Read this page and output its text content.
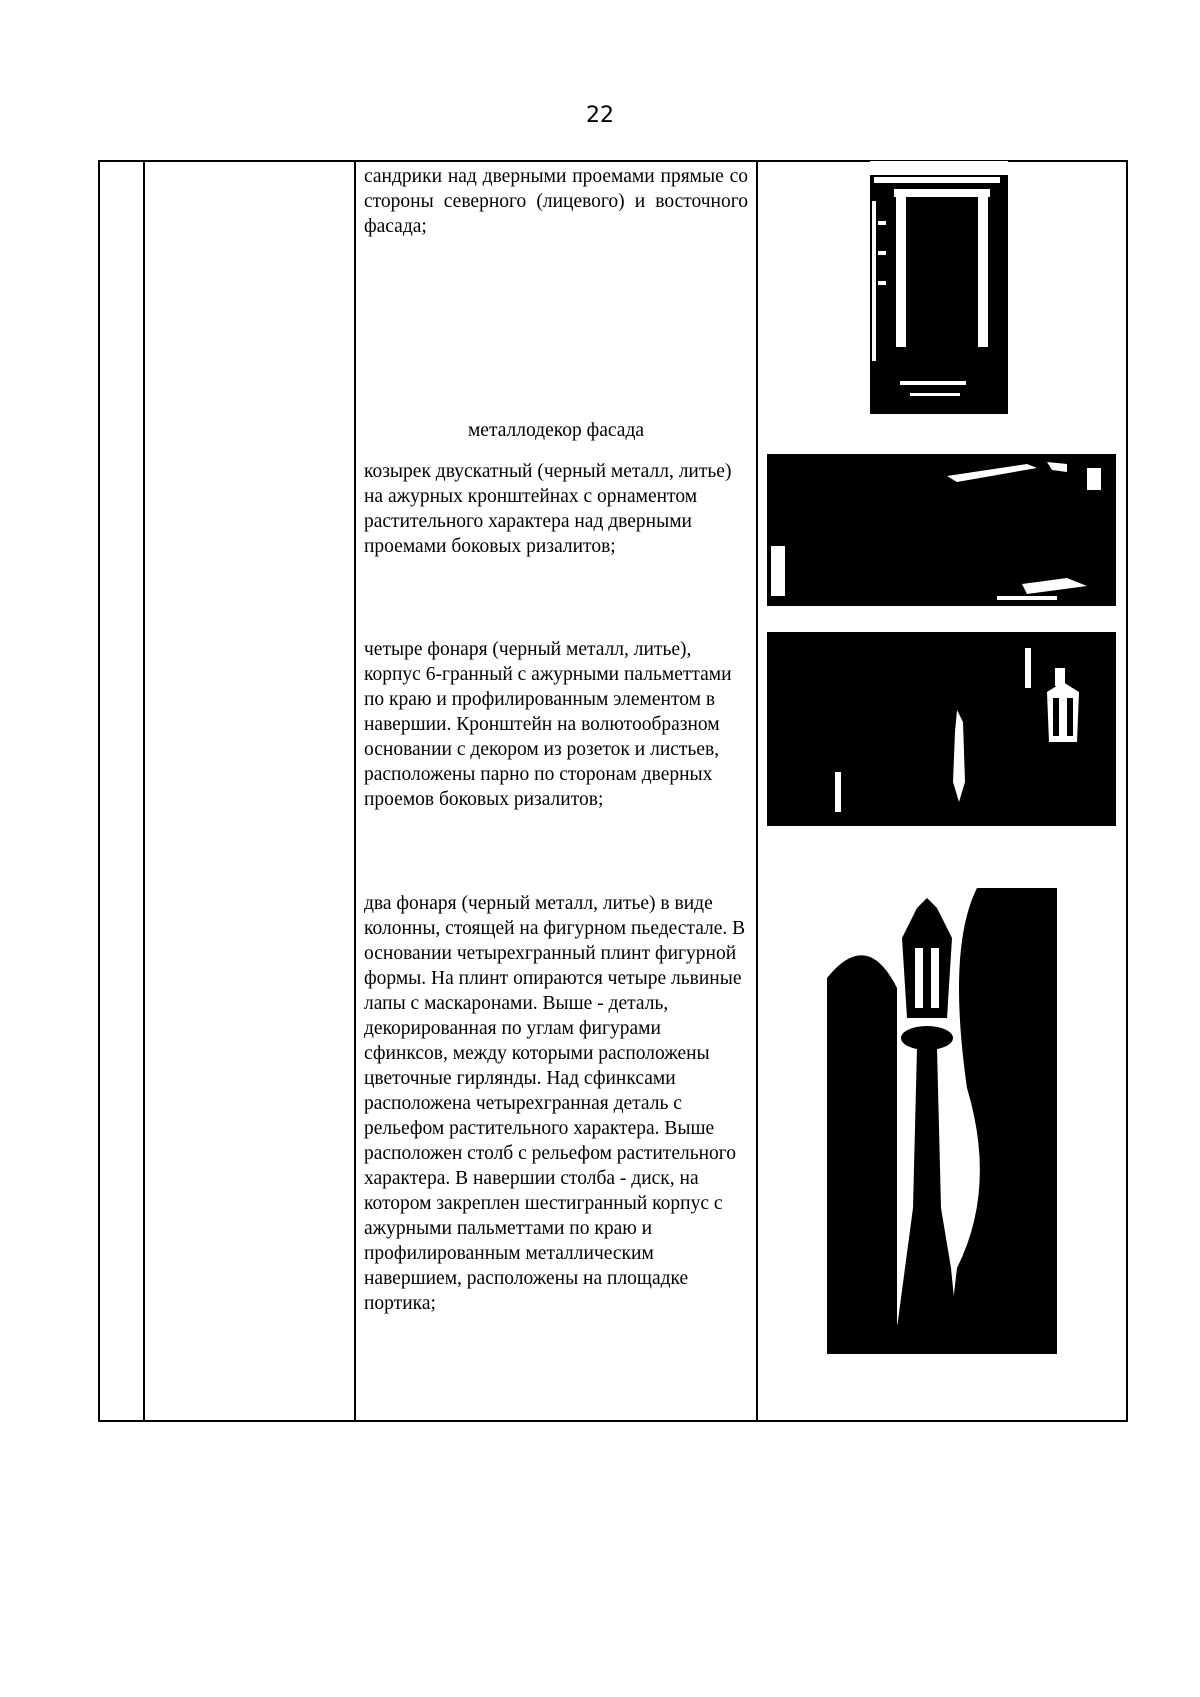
22
сандрики над дверными проемами прямые со стороны северного (лицевого) и восточного фасада;
металлодекор фасада
козырек двускатный (черный металл, литье) на ажурных кронштейнах с орнаментом растительного характера над дверными проемами боковых ризалитов;
четыре фонаря (черный металл, литье), корпус 6-гранный с ажурными пальметтами по краю и профилированным элементом в навершии. Кронштейн на волютообразном основании с декором из розеток и листьев, расположены парно по сторонам дверных проемов боковых ризалитов;
два фонаря (черный металл, литье) в виде колонны, стоящей на фигурном пьедестале. В основании четырехгранный плинт фигурной формы. На плинт опираются четыре львиные лапы с маскаронами. Выше - деталь, декорированная по углам фигурами сфинксов, между которыми расположены цветочные гирлянды. Над сфинксами расположена четырехгранная деталь с рельефом растительного характера. Выше расположен столб с рельефом растительного характера. В навершии столба - диск, на котором закреплен шестигранный корпус с ажурными пальметтами по краю и профилированным металлическим навершием, расположены на площадке портика;
